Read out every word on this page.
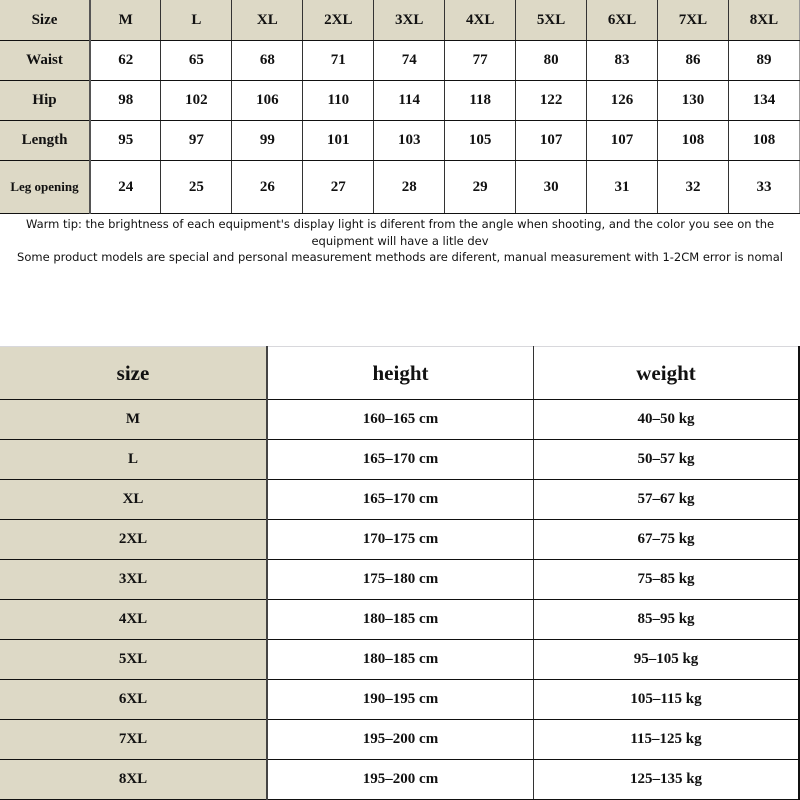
Size	M	L	XL	2XL	3XL	4XL	5XL	6XL	7XL	8XL
Waist	62	65	68	71	74	77	80	83	86	89
Hip	98	102	106	110	114	118	122	126	130	134
Length	95	97	99	101	103	105	107	107	108	108
Leg opening	24	25	26	27	28	29	30	31	32	33
Warm tip: the brightness of each equipment's display light is diferent from the angle when shooting, and the color you see on the
equipment will have a litle dev
Some product models are special and personal measurement methods are diferent, manual measurement with 1-2CM error is nomal
size	height	weight
M	160–165 cm	40–50 kg
L	165–170 cm	50–57 kg
XL	165–170 cm	57–67 kg
2XL	170–175 cm	67–75 kg
3XL	175–180 cm	75–85 kg
4XL	180–185 cm	85–95 kg
5XL	180–185 cm	95–105 kg
6XL	190–195 cm	105–115 kg
7XL	195–200 cm	115–125 kg
8XL	195–200 cm	125–135 kg
